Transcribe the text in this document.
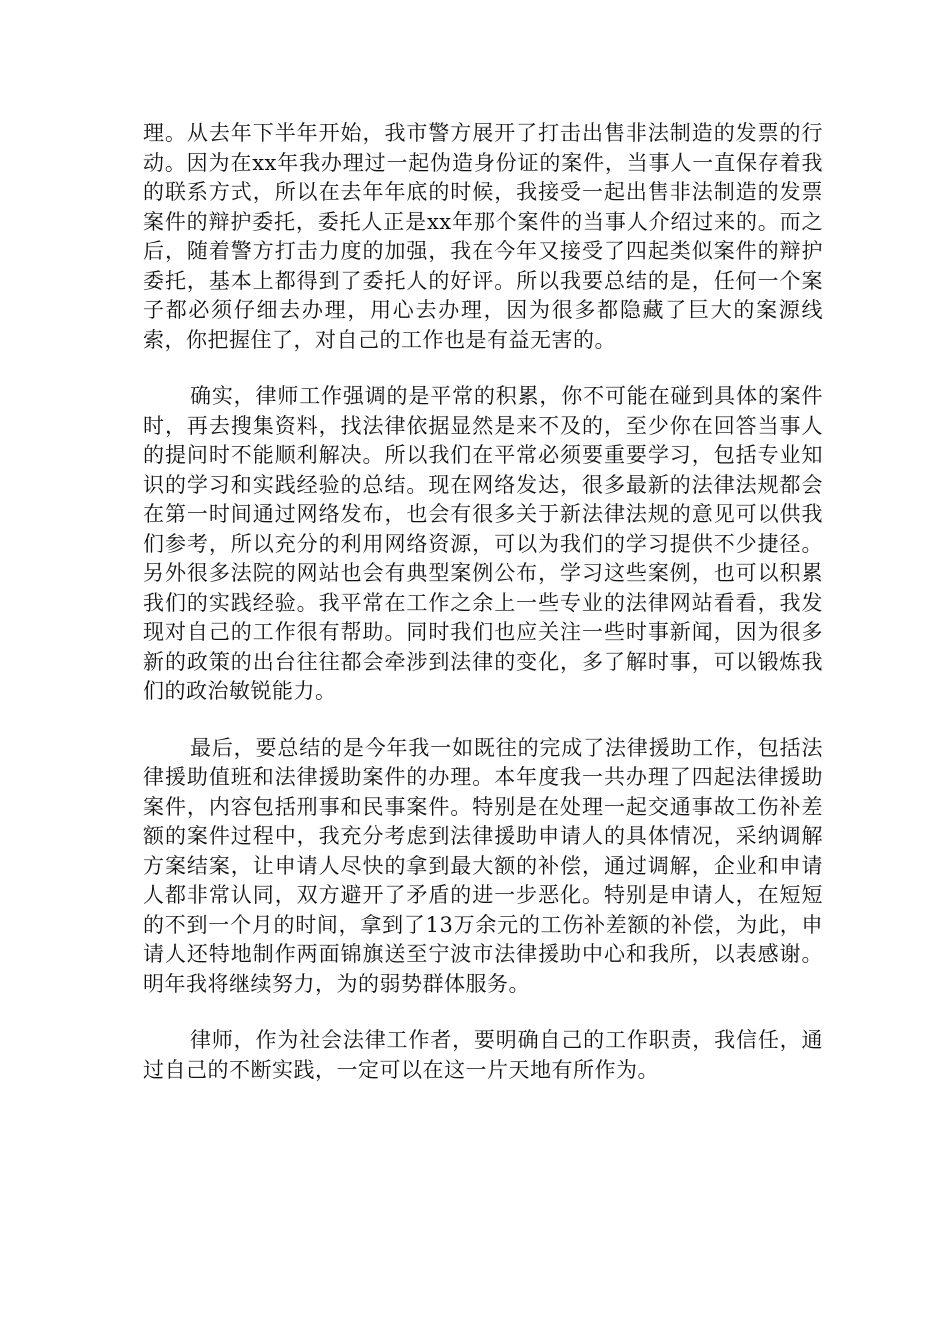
理。从去年下半年开始，我市警方展开了打击出售非法制造的发票的行动。因为在xx年我办理过一起伪造身份证的案件，当事人一直保存着我的联系方式，所以在去年年底的时候，我接受一起出售非法制造的发票案件的辩护委托，委托人正是xx年那个案件的当事人介绍过来的。而之后，随着警方打击力度的加强，我在今年又接受了四起类似案件的辩护委托，基本上都得到了委托人的好评。所以我要总结的是，任何一个案子都必须仔细去办理，用心去办理，因为很多都隐藏了巨大的案源线索，你把握住了，对自己的工作也是有益无害的。

确实，律师工作强调的是平常的积累，你不可能在碰到具体的案件时，再去搜集资料，找法律依据显然是来不及的，至少你在回答当事人的提问时不能顺利解决。所以我们在平常必须要重要学习，包括专业知识的学习和实践经验的总结。现在网络发达，很多最新的法律法规都会在第一时间通过网络发布，也会有很多关于新法律法规的意见可以供我们参考，所以充分的利用网络资源，可以为我们的学习提供不少捷径。另外很多法院的网站也会有典型案例公布，学习这些案例，也可以积累我们的实践经验。我平常在工作之余上一些专业的法律网站看看，我发现对自己的工作很有帮助。同时我们也应关注一些时事新闻，因为很多新的政策的出台往往都会牵涉到法律的变化，多了解时事，可以锻炼我们的政治敏锐能力。

最后，要总结的是今年我一如既往的完成了法律援助工作，包括法律援助值班和法律援助案件的办理。本年度我一共办理了四起法律援助案件，内容包括刑事和民事案件。特别是在处理一起交通事故工伤补差额的案件过程中，我充分考虑到法律援助申请人的具体情况，采纳调解方案结案，让申请人尽快的拿到最大额的补偿，通过调解，企业和申请人都非常认同，双方避开了矛盾的进一步恶化。特别是申请人，在短短的不到一个月的时间，拿到了13万余元的工伤补差额的补偿，为此，申请人还特地制作两面锦旗送至宁波市法律援助中心和我所，以表感谢。明年我将继续努力，为的弱势群体服务。

律师，作为社会法律工作者，要明确自己的工作职责，我信任，通过自己的不断实践，一定可以在这一片天地有所作为。
